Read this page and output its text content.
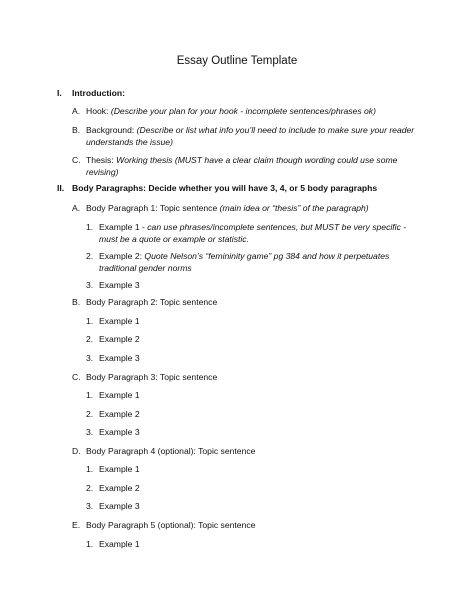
Essay Outline Template
I. Introduction:
A. Hook: (Describe your plan for your hook - incomplete sentences/phrases ok)
B. Background: (Describe or list what info you’ll need to include to make sure your reader
understands the issue)
C. Thesis: Working thesis (MUST have a clear claim though wording could use some
revising)
II. Body Paragraphs: Decide whether you will have 3, 4, or 5 body paragraphs
A. Body Paragraph 1: Topic sentence (main idea or “thesis” of the paragraph)
1. Example 1 - can use phrases/incomplete sentences, but MUST be very specific -
must be a quote or example or statistic.
2. Example 2: Quote Nelson’s “femininity game” pg 384 and how it perpetuates
traditional gender norms
3. Example 3
B. Body Paragraph 2: Topic sentence
1. Example 1
2. Example 2
3. Example 3
C. Body Paragraph 3: Topic sentence
1. Example 1
2. Example 2
3. Example 3
D. Body Paragraph 4 (optional): Topic sentence
1. Example 1
2. Example 2
3. Example 3
E. Body Paragraph 5 (optional): Topic sentence
1. Example 1
